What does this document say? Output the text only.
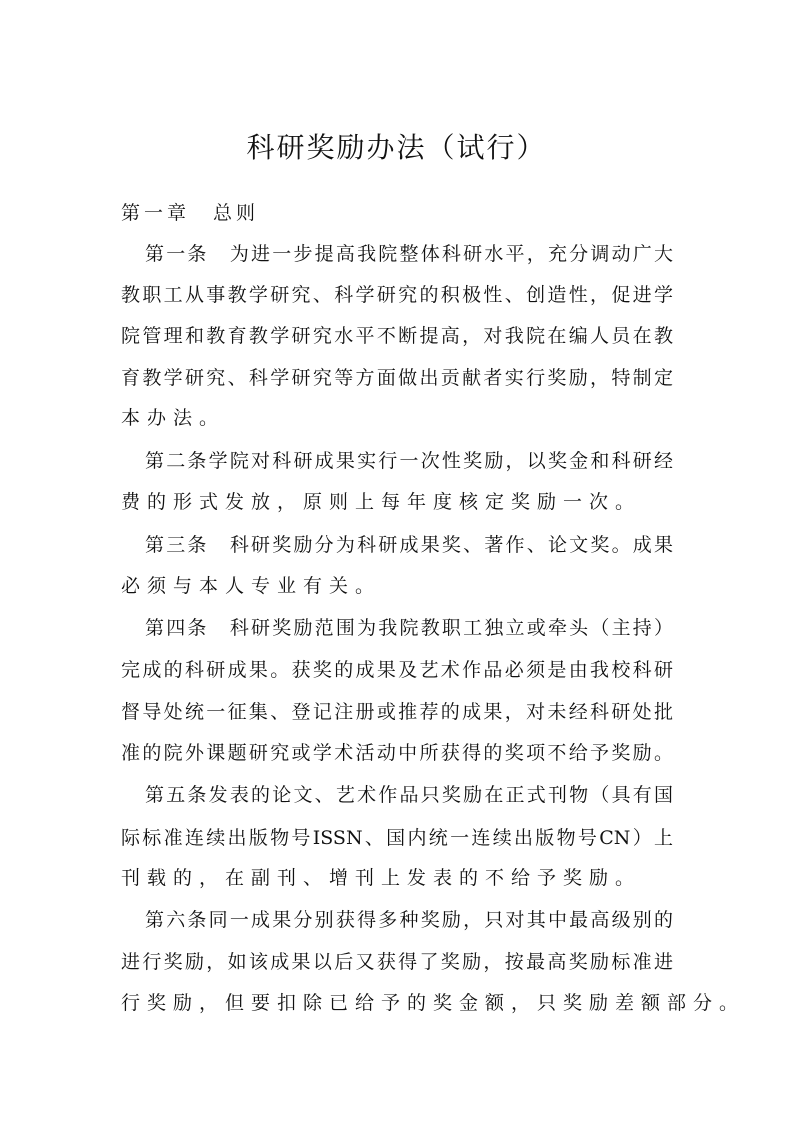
科研奖励办法（试行）
第一章　总则
第一条　为进一步提高我院整体科研水平，充分调动广大
教职工从事教学研究、科学研究的积极性、创造性，促进学
院管理和教育教学研究水平不断提高，对我院在编人员在教
育教学研究、科学研究等方面做出贡献者实行奖励，特制定
本办法。
第二条学院对科研成果实行一次性奖励，以奖金和科研经
费的形式发放，原则上每年度核定奖励一次。
第三条　科研奖励分为科研成果奖、著作、论文奖。成果
必须与本人专业有关。
第四条　科研奖励范围为我院教职工独立或牵头（主持）
完成的科研成果。获奖的成果及艺术作品必须是由我校科研
督导处统一征集、登记注册或推荐的成果，对未经科研处批
准的院外课题研究或学术活动中所获得的奖项不给予奖励。
第五条发表的论文、艺术作品只奖励在正式刊物（具有国
际标准连续出版物号ISSN、国内统一连续出版物号CN）上
刊载的，在副刊、增刊上发表的不给予奖励。
第六条同一成果分别获得多种奖励，只对其中最高级别的
进行奖励，如该成果以后又获得了奖励，按最高奖励标准进
行奖励，但要扣除已给予的奖金额，只奖励差额部分。
